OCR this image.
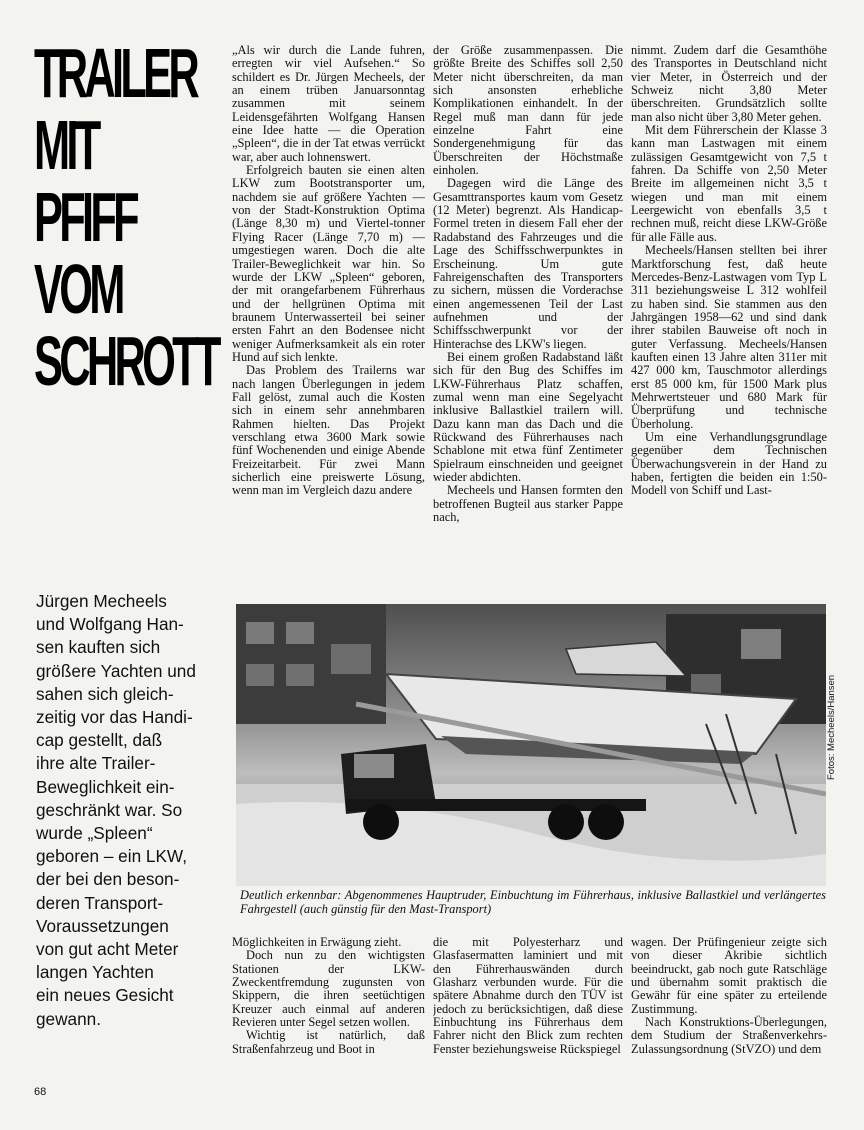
TRAILER
MIT
PFIFF
VOM
SCHROTT

„Als wir durch die Lande fuhren, erregten wir viel Aufsehen.“ So schildert es Dr. Jürgen Mecheels, der an einem trüben Januarsonntag zusammen mit seinem Leidensgefährten Wolfgang Hansen eine Idee hatte — die Operation „Spleen“, die in der Tat etwas verrückt war, aber auch lohnenswert.

Erfolgreich bauten sie einen alten LKW zum Bootstransporter um, nachdem sie auf größere Yachten — von der Stadt-Konstruktion Optima (Länge 8,30 m) und Viertel-tonner Flying Racer (Länge 7,70 m) — umgestiegen waren. Doch die alte Trailer-Beweglichkeit war hin. So wurde der LKW „Spleen“ geboren, der mit orangefarbenem Führerhaus und der hellgrünen Optima mit braunem Unterwasserteil bei seiner ersten Fahrt an den Bodensee nicht weniger Aufmerksamkeit als ein roter Hund auf sich lenkte.

Das Problem des Trailerns war nach langen Überlegungen in jedem Fall gelöst, zumal auch die Kosten sich in einem sehr annehmbaren Rahmen hielten. Das Projekt verschlang etwa 3600 Mark sowie fünf Wochenenden und einige Abende Freizeitarbeit. Für zwei Mann sicherlich eine preiswerte Lösung, wenn man im Vergleich dazu andere

der Größe zusammenpassen. Die größte Breite des Schiffes soll 2,50 Meter nicht überschreiten, da man sich ansonsten erhebliche Komplikationen einhandelt. In der Regel muß man dann für jede einzelne Fahrt eine Sondergenehmigung für das Überschreiten der Höchstmaße einholen.

Dagegen wird die Länge des Gesamttransportes kaum vom Gesetz (12 Meter) begrenzt. Als Handicap-Formel treten in diesem Fall eher der Radabstand des Fahrzeuges und die Lage des Schiffsschwerpunktes in Erscheinung. Um gute Fahreigenschaften des Transporters zu sichern, müssen die Vorderachse einen angemessenen Teil der Last aufnehmen und der Schiffsschwerpunkt vor der Hinterachse des LKW's liegen.

Bei einem großen Radabstand läßt sich für den Bug des Schiffes im LKW-Führerhaus Platz schaffen, zumal wenn man eine Segelyacht inklusive Ballastkiel trailern will. Dazu kann man das Dach und die Rückwand des Führerhauses nach Schablone mit etwa fünf Zentimeter Spielraum einschneiden und geeignet wieder abdichten.

Mecheels und Hansen formten den betroffenen Bugteil aus starker Pappe nach,

nimmt. Zudem darf die Gesamthöhe des Transportes in Deutschland nicht vier Meter, in Österreich und der Schweiz nicht 3,80 Meter überschreiten. Grundsätzlich sollte man also nicht über 3,80 Meter gehen.

Mit dem Führerschein der Klasse 3 kann man Lastwagen mit einem zulässigen Gesamtgewicht von 7,5 t fahren. Da Schiffe von 2,50 Meter Breite im allgemeinen nicht 3,5 t wiegen und man mit einem Leergewicht von ebenfalls 3,5 t rechnen muß, reicht diese LKW-Größe für alle Fälle aus.

Mecheels/Hansen stellten bei ihrer Marktforschung fest, daß heute Mercedes-Benz-Lastwagen vom Typ L 311 beziehungsweise L 312 wohlfeil zu haben sind. Sie stammen aus den Jahrgängen 1958—62 und sind dank ihrer stabilen Bauweise oft noch in guter Verfassung. Mecheels/Hansen kauften einen 13 Jahre alten 311er mit 427 000 km, Tauschmotor allerdings erst 85 000 km, für 1500 Mark plus Mehrwertsteuer und 680 Mark für Überprüfung und technische Überholung.

Um eine Verhandlungsgrundlage gegenüber dem Technischen Überwachungsverein in der Hand zu haben, fertigten die beiden ein 1:50-Modell von Schiff und Last-

Jürgen Mecheels
und Wolfgang Han-
sen kauften sich
größere Yachten und
sahen sich gleich-
zeitig vor das Handi-
cap gestellt, daß
ihre alte Trailer-
Beweglichkeit ein-
geschränkt war. So
wurde „Spleen“
geboren – ein LKW,
der bei den beson-
deren Transport-
Voraussetzungen
von gut acht Meter
langen Yachten
ein neues Gesicht
gewann.
Fotos: Mecheels/Hansen
Deutlich erkennbar: Abgenommenes Hauptruder, Einbuchtung im Führerhaus, inklusive Ballastkiel und verlängertes Fahrgestell (auch günstig für den Mast-Transport)

Möglichkeiten in Erwägung zieht.

Doch nun zu den wichtigsten Stationen der LKW-Zweckentfremdung zugunsten von Skippern, die ihren seetüchtigen Kreuzer auch einmal auf anderen Revieren unter Segel setzen wollen.

Wichtig ist natürlich, daß Straßenfahrzeug und Boot in

die mit Polyesterharz und Glasfasermatten laminiert und mit den Führerhauswänden durch Glasharz verbunden wurde. Für die spätere Abnahme durch den TÜV ist jedoch zu berücksichtigen, daß diese Einbuchtung ins Führerhaus dem Fahrer nicht den Blick zum rechten Fenster beziehungsweise Rückspiegel

wagen. Der Prüfingenieur zeigte sich von dieser Akribie sichtlich beeindruckt, gab noch gute Ratschläge und übernahm somit praktisch die Gewähr für eine später zu erteilende Zustimmung.

Nach Konstruktions-Überlegungen, dem Studium der Straßenverkehrs-Zulassungsordnung (StVZO) und dem

68
